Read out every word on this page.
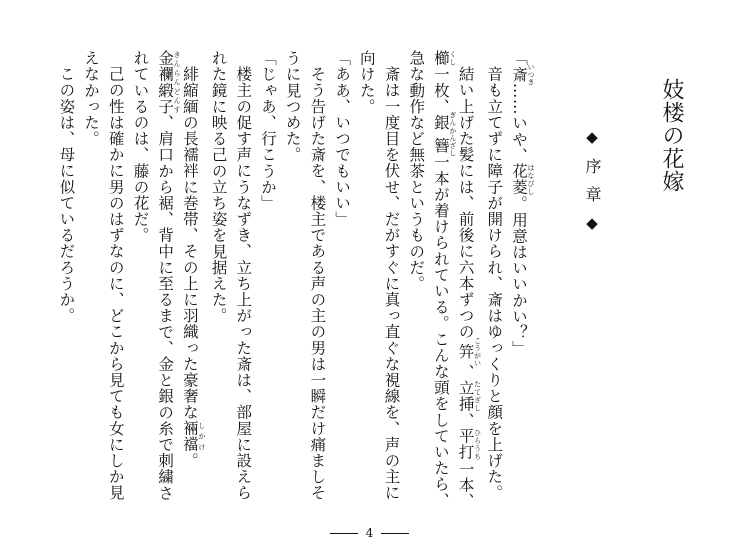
妓楼の花嫁
◆序章◆

「斎 いつき……いや、花菱 はなびし。用意はいいかい？」

音も立てずに障子が開けられ、斎はゆっくりと顔を上げた。

結い上げた髪には、前後に六本ずつの笄 こうがい、立挿 たてざし、平打 ひらうち一本、櫛 くし一枚、銀簪 ぎんかんざし一本が着けられている。こんな頭をしていたら、急な動作など無茶というものだ。

斎は一度目を伏せ、だがすぐに真っ直ぐな視線を、声の主に向けた。

「ああ、いつでもいい」

そう告げた斎を、楼主である声の主の男は一瞬だけ痛ましそうに見つめた。

「じゃあ、行こうか」

楼主の促す声にうなずき、立ち上がった斎は、部屋に設えられた鏡に映る己の立ち姿を見据えた。

緋縮緬の長襦袢に巻帯、その上に羽織った豪奢な裲襠 しかけ。金襴緞子 きんらんどんす、肩口から裾、背中に至るまで、金と銀の糸で刺繍されているのは、藤の花だ。

己の性は確かに男のはずなのに、どこから見ても女にしか見えなかった。

この姿は、母に似ているだろうか。

4
